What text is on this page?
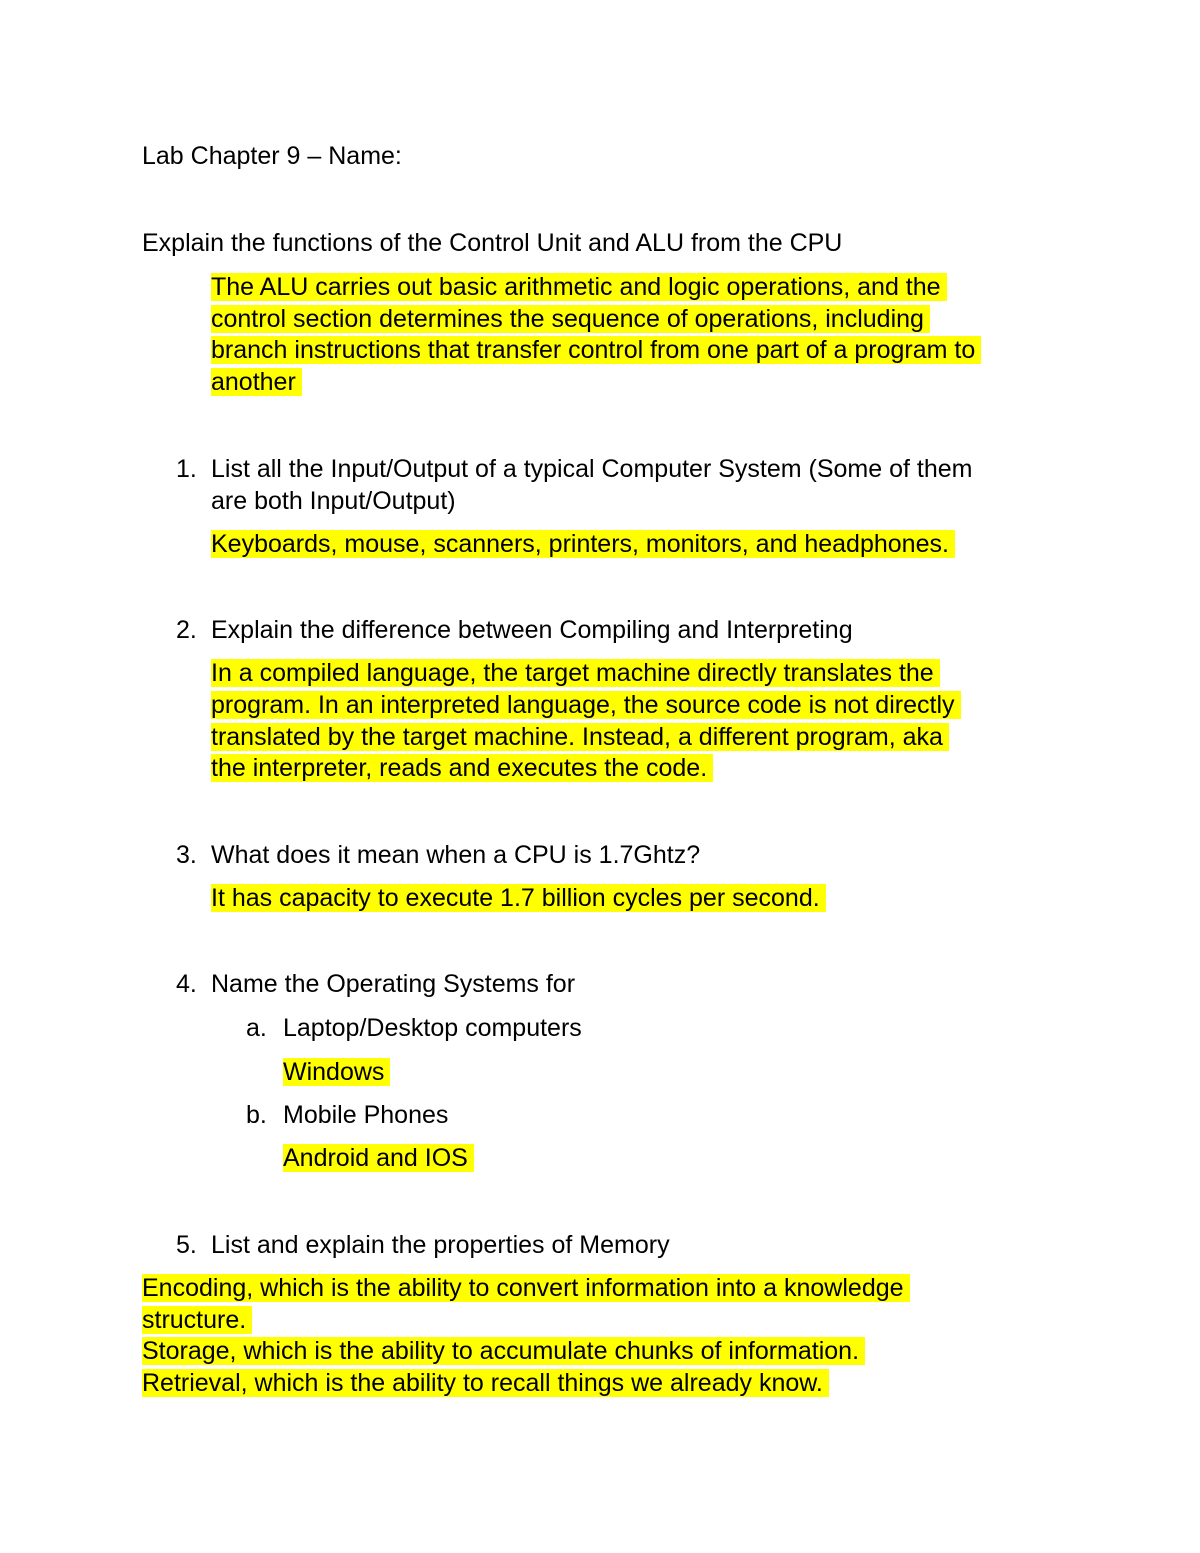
Lab Chapter 9 – Name:
Explain the functions of the Control Unit and ALU from the CPU
The ALU carries out basic arithmetic and logic operations, and the
control section determines the sequence of operations, including
branch instructions that transfer control from one part of a program to
another
1. List all the Input/Output of a typical Computer System (Some of them
are both Input/Output)
Keyboards, mouse, scanners, printers, monitors, and headphones.
2. Explain the difference between Compiling and Interpreting
In a compiled language, the target machine directly translates the
program. In an interpreted language, the source code is not directly
translated by the target machine. Instead, a different program, aka
the interpreter, reads and executes the code.
3. What does it mean when a CPU is 1.7Ghtz?
It has capacity to execute 1.7 billion cycles per second.
4. Name the Operating Systems for
a. Laptop/Desktop computers
Windows
b. Mobile Phones
Android and IOS
5. List and explain the properties of Memory
Encoding, which is the ability to convert information into a knowledge
structure.
Storage, which is the ability to accumulate chunks of information.
Retrieval, which is the ability to recall things we already know.
